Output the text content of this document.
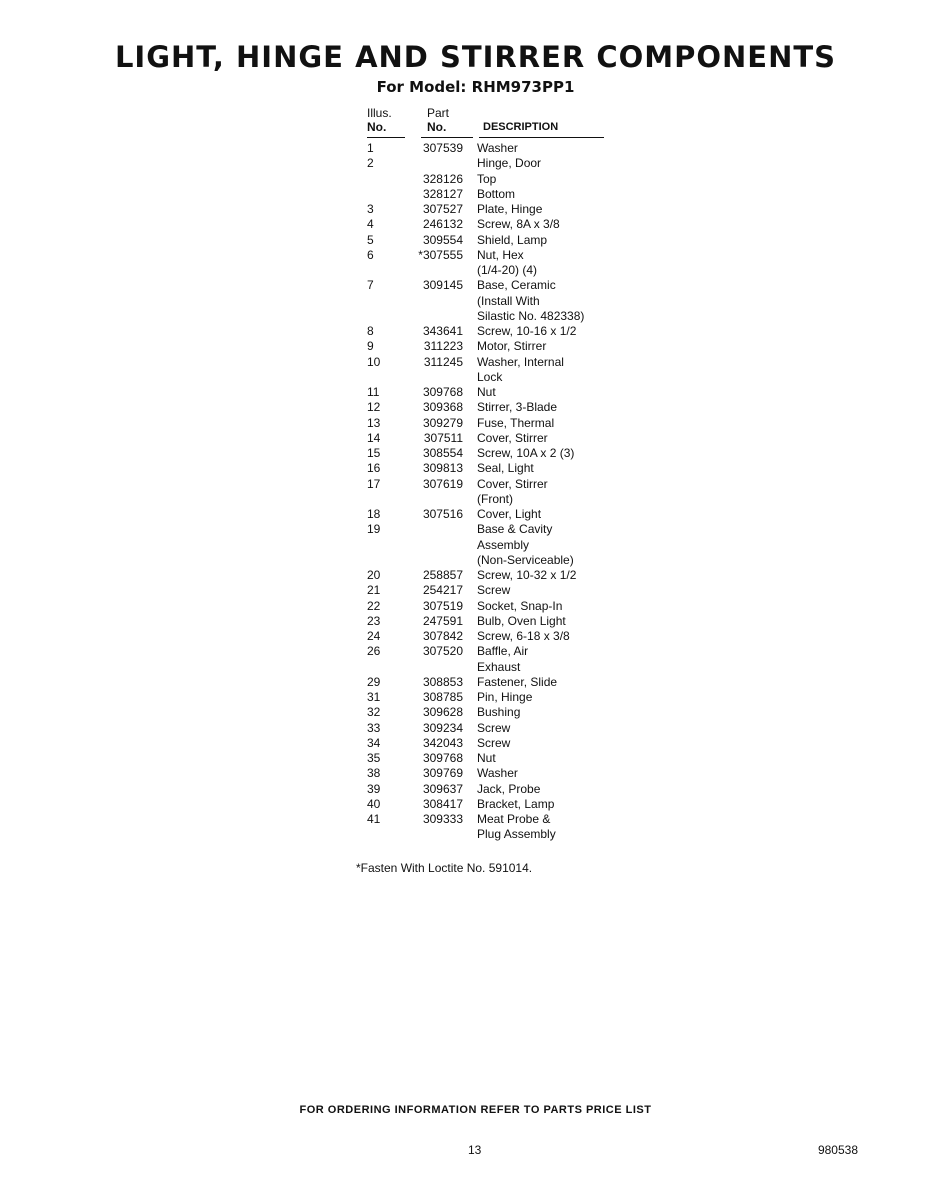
LIGHT, HINGE AND STIRRER COMPONENTS
For Model: RHM973PP1
Illus.
No.
Part
No.	DESCRIPTION
1	307539 Washer
2	Hinge, Door
328126 Top
328127 Bottom
3	307527 Plate, Hinge
4	246132 Screw, 8A x 3/8
5	309554 Shield, Lamp
6	*307555 Nut, Hex
(1/4-20) (4)
7	309145 Base, Ceramic
(Install With
Silastic No. 482338)
8	343641 Screw, 10-16 x 1/2
9	311223 Motor, Stirrer
10	311245 Washer, Internal
Lock
11	309768 Nut
12	309368 Stirrer, 3-Blade
13	309279 Fuse, Thermal
14	307511 Cover, Stirrer
15	308554 Screw, 10A x 2 (3)
16	309813 Seal, Light
17	307619 Cover, Stirrer
(Front)
18	307516 Cover, Light
19	Base & Cavity
Assembly
(Non-Serviceable)
20	258857 Screw, 10-32 x 1/2
21	254217 Screw
22	307519 Socket, Snap-In
23	247591 Bulb, Oven Light
24	307842 Screw, 6-18 x 3/8
26	307520 Baffle, Air
Exhaust
29	308853 Fastener, Slide
31	308785 Pin, Hinge
32	309628 Bushing
33	309234 Screw
34	342043 Screw
35	309768 Nut
38	309769 Washer
39	309637 Jack, Probe
40	308417 Bracket, Lamp
41	309333 Meat Probe &
Plug Assembly
*Fasten With Loctite No. 591014.
FOR ORDERING INFORMATION REFER TO PARTS PRICE LIST
13	980538
